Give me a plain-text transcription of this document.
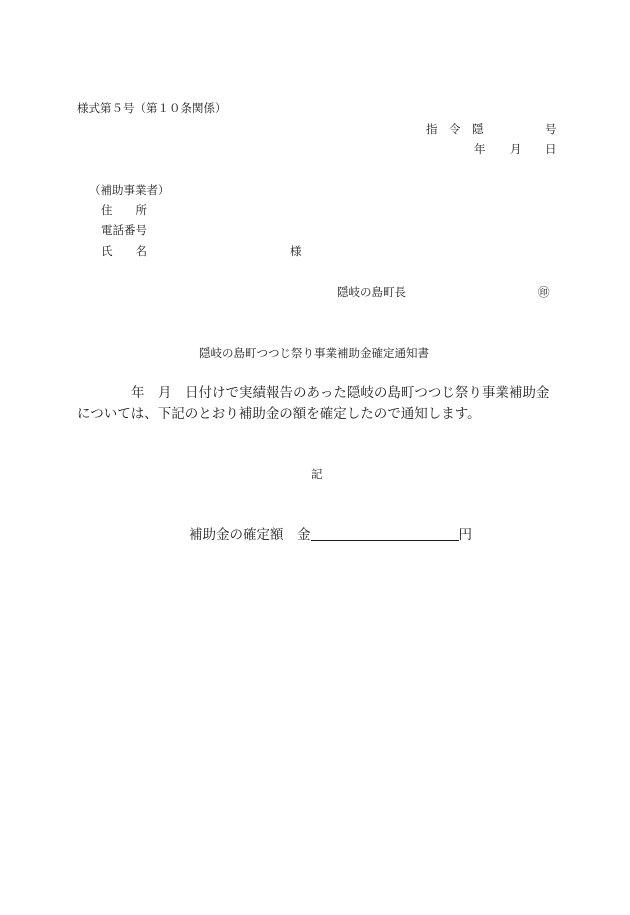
様式第５号（第１０条関係）
指　令　隠	号
年 月 日
（補助事業者）
住　　所
電話番号
氏　　名	様
隠岐の島町長	㊞
隠岐の島町つつじ祭り事業補助金確定通知書
年　月　日付けで実績報告のあった隠岐の島町つつじ祭り事業補助金
については、下記のとおり補助金の額を確定したので通知します。
記
補助金の確定額　金	円
